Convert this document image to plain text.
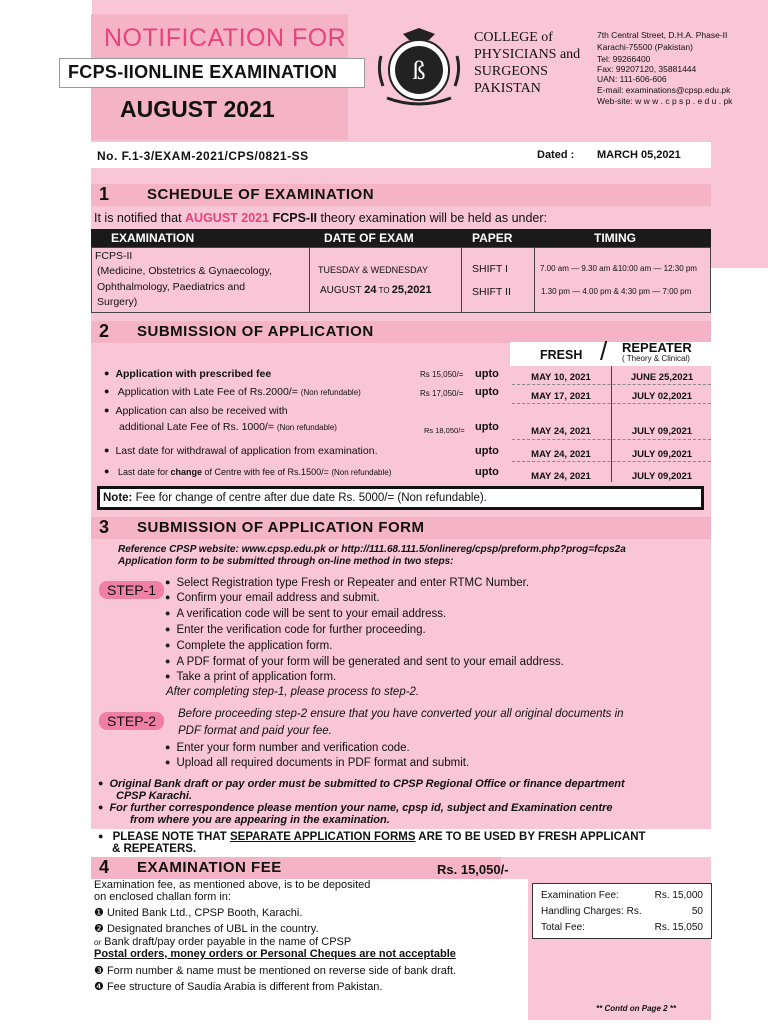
NOTIFICATION FOR
FCPS-IIONLINE EXAMINATION
AUGUST 2021
ß
COLLEGE of
PHYSICIANS and
SURGEONS
PAKISTAN
7th Central Street, D.H.A. Phase-II
Karachi-75500 (Pakistan)
Tel: 99266400
Fax: 99207120, 35881444
UAN: 111-606-606
E-mail: examinations@cpsp.edu.pk
Web-site: w w w . c p s p . e d u . pk
No. F.1-3/EXAM-2021/CPS/0821-SS	Dated : MARCH 05,2021
1	SCHEDULE OF EXAMINATION
It is notified that AUGUST 2021 FCPS-II theory examination will be held as under:
EXAMINATION	DATE OF EXAM	PAPER	TIMING
FCPS-II
(Medicine, Obstetrics & Gynaecology,
Ophthalmology, Paediatrics and
Surgery)
TUESDAY & WEDNESDAY
AUGUST 24 TO 25,2021
SHIFT I
SHIFT II
7.00 am — 9.30 am &10:00 am — 12:30 pm
1.30 pm — 4.00 pm & 4:30 pm — 7:00 pm
2 SUBMISSION OF APPLICATION
FRESH / REPEATER
( Theory & Clinical)
● Application with prescribed fee	Rs 15,050/= upto	MAY 10, 2021	JUNE 25,2021
● Application with Late Fee of Rs.2000/= (Non refundable)	Rs 17,050/= upto	MAY 17, 2021	JULY 02,2021
● Application can also be received with
additional Late Fee of Rs. 1000/= (Non refundable)	Rs 18,050/= upto	MAY 24, 2021	JULY 09,2021
● Last date for withdrawal of application from examination.	upto	MAY 24, 2021	JULY 09,2021
● Last date for change of Centre with fee of Rs.1500/= (Non refundable)	upto	MAY 24, 2021	JULY 09,2021
Note: Fee for change of centre after due date Rs. 5000/= (Non refundable).
3 SUBMISSION OF APPLICATION FORM
Reference CPSP website: www.cpsp.edu.pk or http://111.68.111.5/onlinereg/cpsp/preform.php?prog=fcps2a
Application form to be submitted through on-line method in two steps:
STEP-1
●	Select Registration type Fresh or Repeater and enter RTMC Number.
● Confirm your email address and submit.
● A verification code will be sent to your email address.
● Enter the verification code for further proceeding.
● Complete the application form.
● A PDF format of your form will be generated and sent to your email address.
● Take a print of application form.
After completing step-1, please process to step-2.
STEP-2	Before proceeding step-2 ensure that you have converted your all original documents in
PDF format and paid your fee.
● Enter your form number and verification code.
● Upload all required documents in PDF format and submit.
● Original Bank draft or pay order must be submitted to CPSP Regional Office or finance department
CPSP Karachi.
● For further correspondence please mention your name, cpsp id, subject and Examination centre
from where you are appearing in the examination.
● PLEASE NOTE THAT SEPARATE APPLICATION FORMS ARE TO BE USED BY FRESH APPLICANT
& REPEATERS.
4 EXAMINATION FEE	Rs. 15,050/-
Examination fee, as mentioned above, is to be deposited
on enclosed challan form in:
❶ United Bank Ltd., CPSP Booth, Karachi.
❷ Designated branches of UBL in the country.
or Bank draft/pay order payable in the name of CPSP
Postal orders, money orders or Personal Cheques are not acceptable
❸ Form number & name must be mentioned on reverse side of bank draft.
❹ Fee structure of Saudia Arabia is different from Pakistan.
Examination Fee:	Rs. 15,000
Handling Charges: Rs.	50
Total Fee:	Rs. 15,050
** Contd on Page 2 **
